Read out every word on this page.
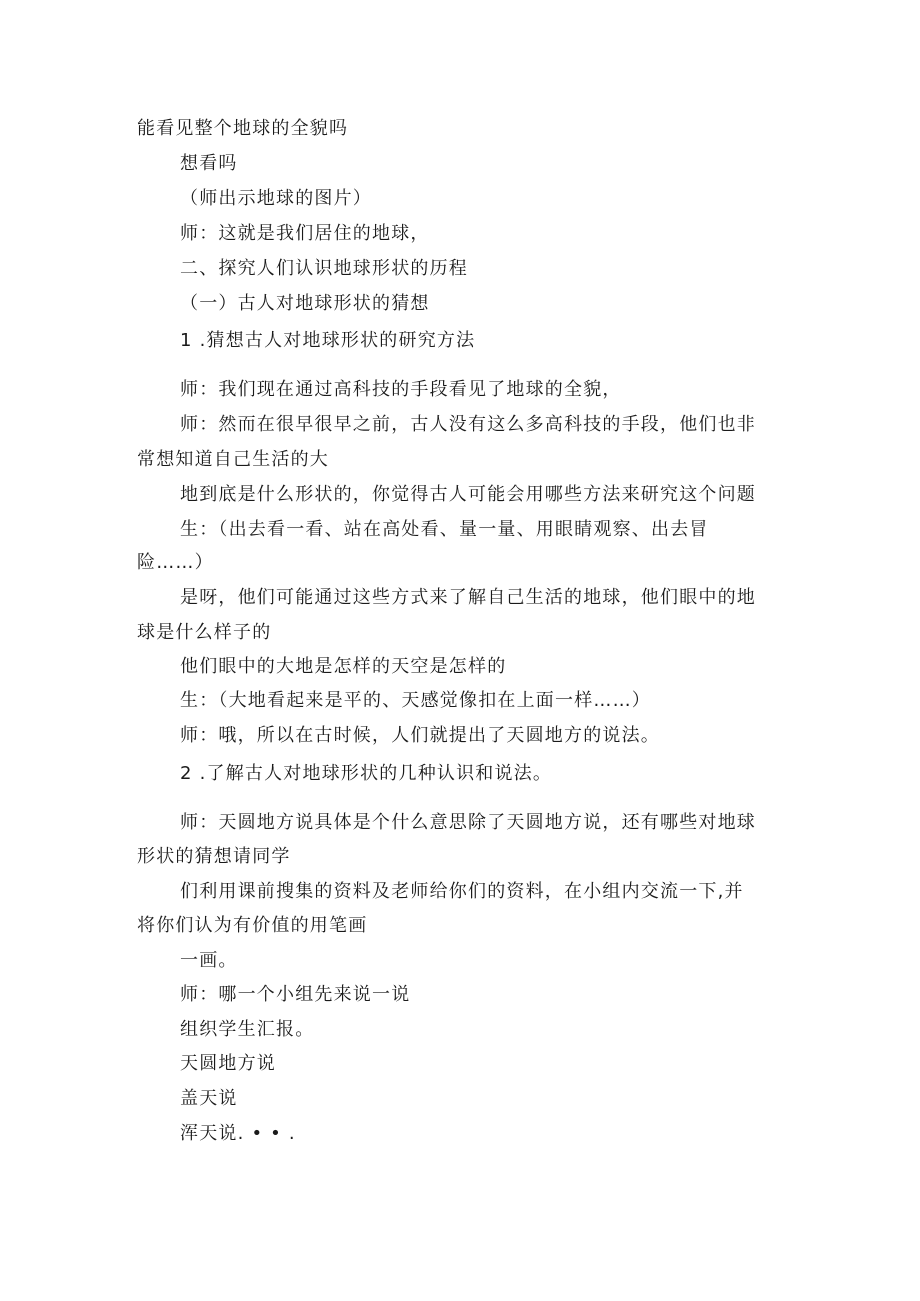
能看见整个地球的全貌吗
想看吗
（师出示地球的图片）
师：这就是我们居住的地球，
二、探究人们认识地球形状的历程
（一）古人对地球形状的猜想
1 .猜想古人对地球形状的研究方法
师：我们现在通过高科技的手段看见了地球的全貌，
师：然而在很早很早之前，古人没有这么多高科技的手段，他们也非
常想知道自己生活的大
地到底是什么形状的，你觉得古人可能会用哪些方法来研究这个问题
生：（出去看一看、站在高处看、量一量、用眼睛观察、出去冒
险……）
是呀，他们可能通过这些方式来了解自己生活的地球，他们眼中的地
球是什么样子的
他们眼中的大地是怎样的天空是怎样的
生：（大地看起来是平的、天感觉像扣在上面一样……）
师：哦，所以在古时候，人们就提出了天圆地方的说法。
2 .了解古人对地球形状的几种认识和说法。
师：天圆地方说具体是个什么意思除了天圆地方说，还有哪些对地球
形状的猜想请同学
们利用课前搜集的资料及老师给你们的资料，在小组内交流一下,并
将你们认为有价值的用笔画
一画。
师：哪一个小组先来说一说
组织学生汇报。
天圆地方说
盖天说
浑天说. • • .
